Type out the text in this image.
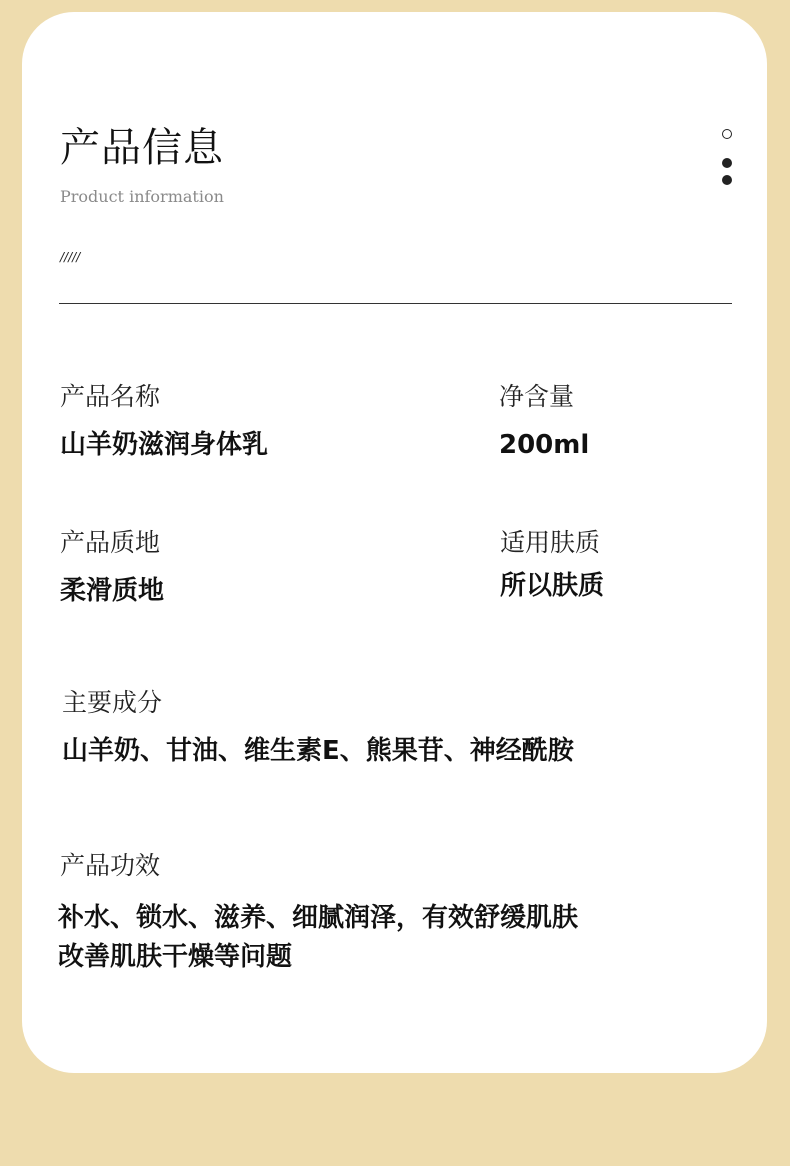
产品信息
Product information
/////
产品名称
山羊奶滋润身体乳
净含量
200ml
产品质地
柔滑质地
适用肤质
所以肤质
主要成分
山羊奶、甘油、维生素E、熊果苷、神经酰胺
产品功效
补水、锁水、滋养、细腻润泽，有效舒缓肌肤
改善肌肤干燥等问题
